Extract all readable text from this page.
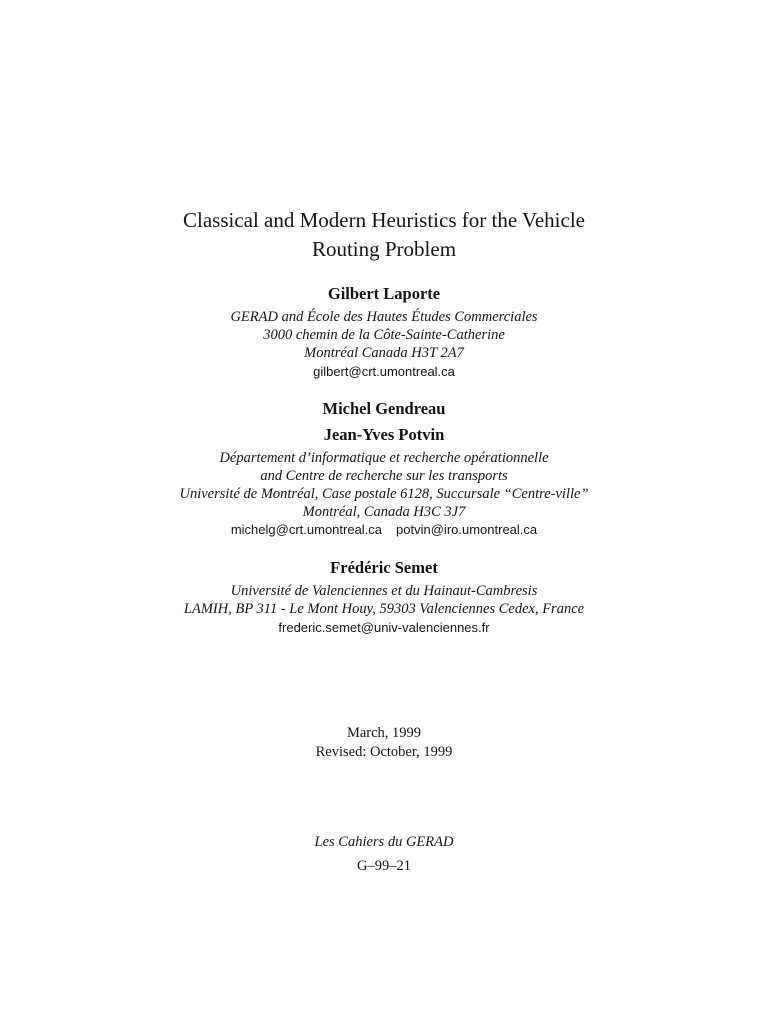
Classical and Modern Heuristics for the Vehicle
Routing Problem
Gilbert Laporte
GERAD and École des Hautes Études Commerciales
3000 chemin de la Côte-Sainte-Catherine
Montréal Canada H3T 2A7
gilbert@crt.umontreal.ca
Michel Gendreau
Jean-Yves Potvin
Département d’informatique et recherche opérationnelle
and Centre de recherche sur les transports
Université de Montréal, Case postale 6128, Succursale “Centre-ville”
Montréal, Canada H3C 3J7
michelg@crt.umontreal.ca potvin@iro.umontreal.ca
Frédéric Semet
Université de Valenciennes et du Hainaut-Cambresis
LAMIH, BP 311 - Le Mont Houy, 59303 Valenciennes Cedex, France
frederic.semet@univ-valenciennes.fr
March, 1999
Revised: October, 1999
Les Cahiers du GERAD
G–99–21
